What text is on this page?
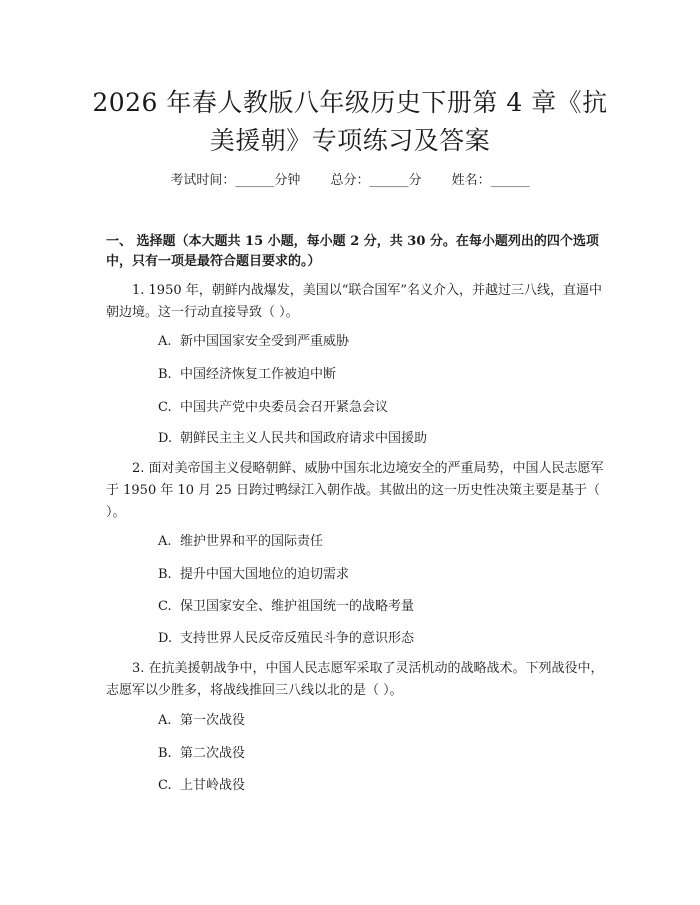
2026 年春人教版八年级历史下册第 4 章《抗
美援朝》专项练习及答案
考试时间：______分钟 总分：______分 姓名：______
一、 选择题（本大题共 15 小题，每小题 2 分，共 30 分。在每小题列出的四个选项中，只有一项是最符合题目要求的。）
1. 1950 年，朝鲜内战爆发，美国以“联合国军”名义介入，并越过三八线，直逼中朝边境。这一行动直接导致（ ）。
A. 新中国国家安全受到严重威胁
B. 中国经济恢复工作被迫中断
C. 中国共产党中央委员会召开紧急会议
D. 朝鲜民主主义人民共和国政府请求中国援助
2. 面对美帝国主义侵略朝鲜、威胁中国东北边境安全的严重局势，中国人民志愿军于 1950 年 10 月 25 日跨过鸭绿江入朝作战。其做出的这一历史性决策主要是基于（ ）。
A. 维护世界和平的国际责任
B. 提升中国大国地位的迫切需求
C. 保卫国家安全、维护祖国统一的战略考量
D. 支持世界人民反帝反殖民斗争的意识形态
3. 在抗美援朝战争中，中国人民志愿军采取了灵活机动的战略战术。下列战役中，志愿军以少胜多，将战线推回三八线以北的是（ ）。
A. 第一次战役
B. 第二次战役
C. 上甘岭战役
